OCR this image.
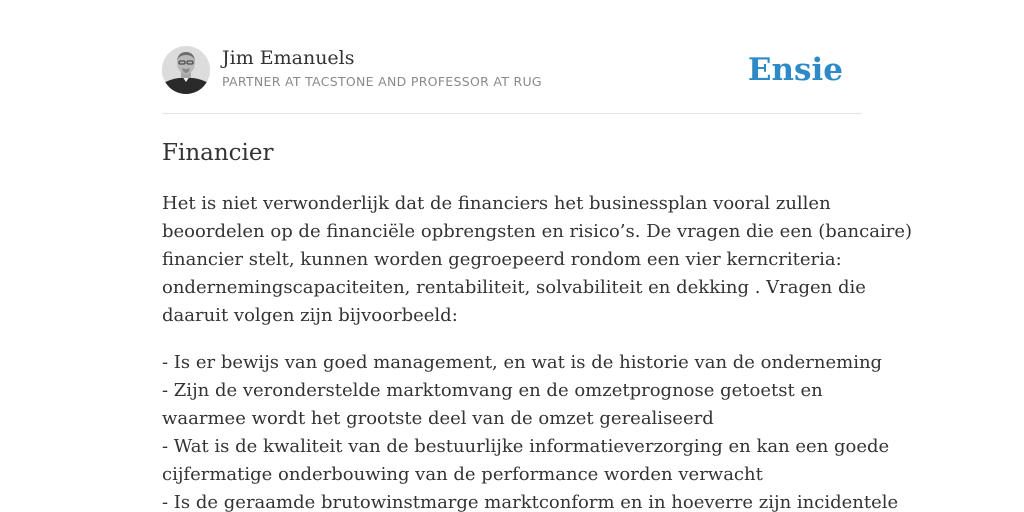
Jim Emanuels
PARTNER AT TACSTONE AND PROFESSOR AT RUG	Ensie
Financier

Het is niet verwonderlijk dat de financiers het businessplan vooral zullen
beoordelen op de financiële opbrengsten en risico’s. De vragen die een (bancaire)
financier stelt, kunnen worden gegroepeerd rondom een vier kerncriteria:
ondernemingscapaciteiten, rentabiliteit, solvabiliteit en dekking . Vragen die
daaruit volgen zijn bijvoorbeeld:

- Is er bewijs van goed management, en wat is de historie van de onderneming
- Zijn de veronderstelde marktomvang en de omzetprognose getoetst en
waarmee wordt het grootste deel van de omzet gerealiseerd
- Wat is de kwaliteit van de bestuurlijke informatieverzorging en kan een goede
cijfermatige onderbouwing van de performance worden verwacht
- Is de geraamde brutowinstmarge marktconform en in hoeverre zijn incidentele
